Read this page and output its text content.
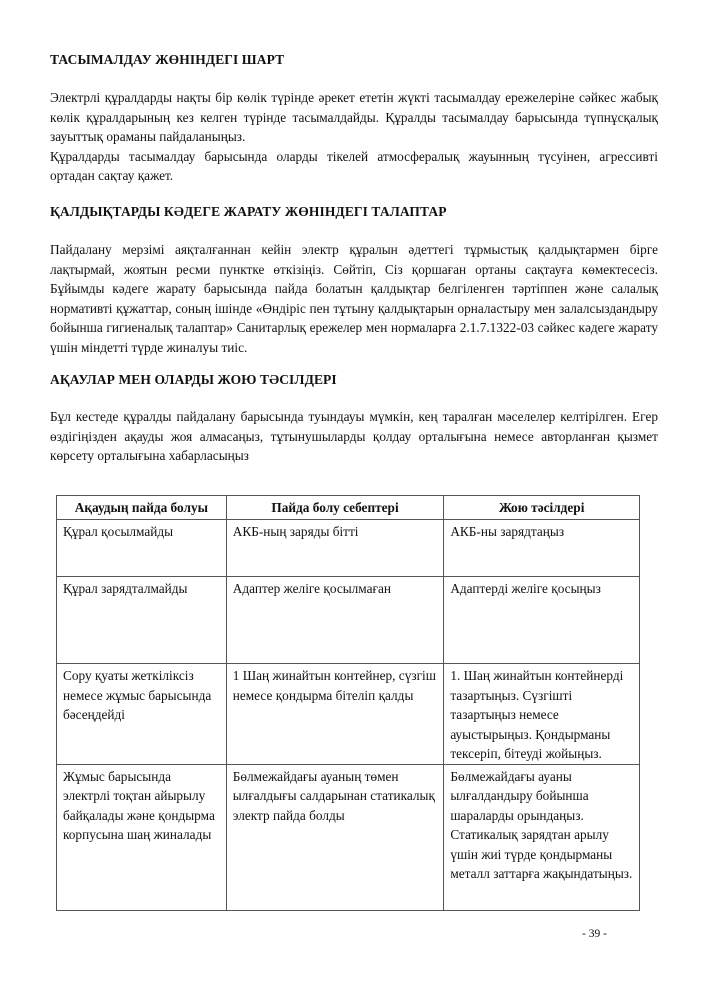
ТАСЫМАЛДАУ ЖӨНІНДЕГІ ШАРТ

Электрлі құралдарды нақты бір көлік түрінде әрекет ететін жүкті тасымалдау ережелеріне сәйкес жабық көлік құралдарының кез келген түрінде тасымалдайды. Құралды тасымалдау барысында түпнұсқалық зауыттық ораманы пайдаланыңыз.

Құралдарды тасымалдау барысында оларды тікелей атмосфералық жауынның түсуінен, агрессивті ортадан сақтау қажет.

ҚАЛДЫҚТАРДЫ КӘДЕГЕ ЖАРАТУ ЖӨНІНДЕГІ ТАЛАПТАР

Пайдалану мерзімі аяқталғаннан кейін электр құралын әдеттегі тұрмыстық қалдықтармен бірге лақтырмай, жоятын ресми пунктке өткізіңіз. Сөйтіп, Сіз қоршаған ортаны сақтауға көмектесесіз. Бұйымды кәдеге жарату барысында пайда болатын қалдықтар белгіленген тәртіппен және салалық нормативті құжаттар, соның ішінде «Өндіріс пен тұтыну қалдықтарын орналастыру мен залалсыздандыру бойынша гигиеналық талаптар» Санитарлық ережелер мен нормаларға 2.1.7.1322-03 сәйкес кәдеге жарату үшін міндетті түрде жиналуы тиіс.

АҚАУЛАР МЕН ОЛАРДЫ ЖОЮ ТӘСІЛДЕРІ

Бұл кестеде құралды пайдалану барысында туындауы мүмкін, кең таралған мәселелер келтірілген. Егер өздігіңізден ақауды жоя алмасаңыз, тұтынушыларды қолдау орталығына немесе авторланған қызмет көрсету орталығына хабарласыңыз

Ақаудың пайда болуы	Пайда болу себептері	Жою тәсілдері
Құрал қосылмайды	АКБ-ның заряды бітті	АКБ-ны зарядтаңыз
Құрал зарядталмайды	Адаптер желіге қосылмаған	Адаптерді желіге қосыңыз
Сору қуаты жеткіліксіз немесе жұмыс барысында бәсеңдейді	1 Шаң жинайтын контейнер, сүзгіш немесе қондырма бітеліп қалды	1. Шаң жинайтын контейнерді тазартыңыз. Сүзгішті тазартыңыз немесе ауыстырыңыз. Қондырманы тексеріп, бітеуді жойыңыз.
Жұмыс барысында электрлі тоқтан айырылу байқалады және қондырма корпусына шаң жиналады	Бөлмежайдағы ауаның төмен ылғалдығы салдарынан статикалық электр пайда болды	Бөлмежайдағы ауаны ылғалдандыру бойынша шараларды орындаңыз. Статикалық зарядтан арылу үшін жиі түрде қондырманы металл заттарға жақындатыңыз.
- 39 -
